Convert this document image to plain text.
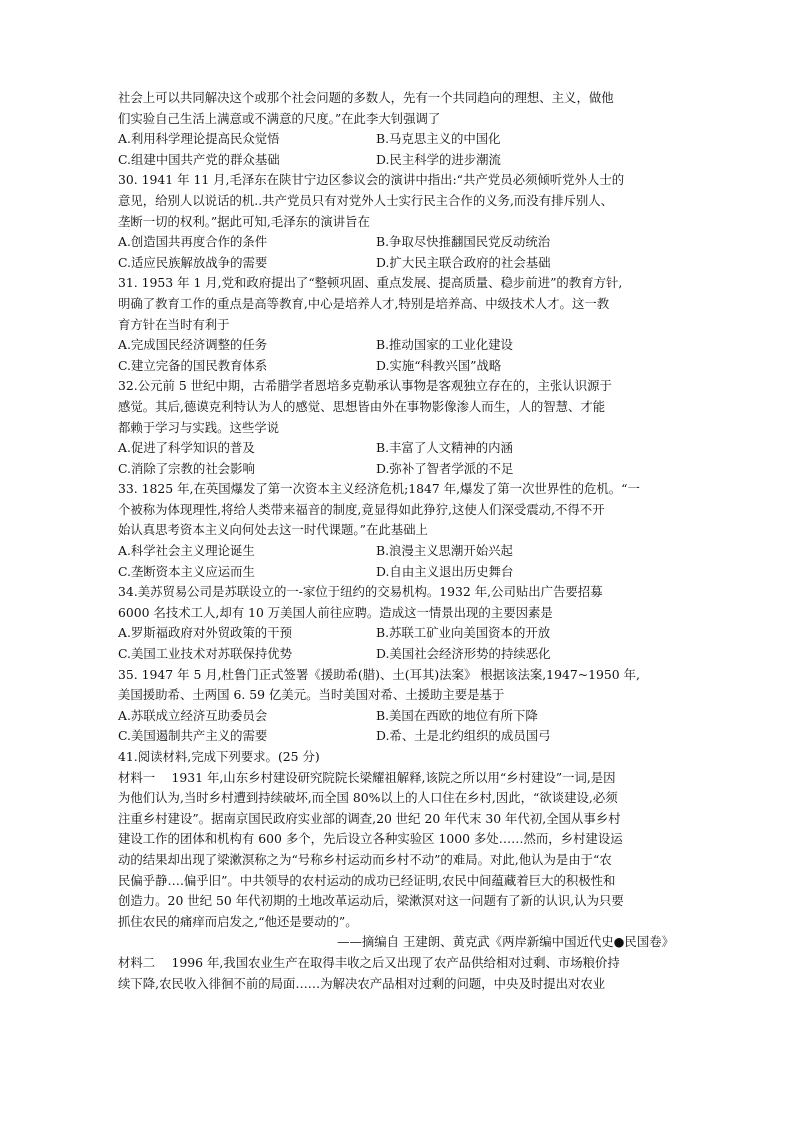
社会上可以共同解决这个或那个社会问题的多数人，先有一个共同趋向的理想、主义，做他
们实验自己生活上满意或不满意的尺度。”在此李大钊强调了
A.利用科学理论提高民众觉悟	B.马克思主义的中国化
C.组建中国共产党的群众基础	D.民主科学的进步潮流
30. 1941 年 11 月,毛泽东在陕甘宁边区参议会的演讲中指出:“共产党员必须倾听党外人士的
意见，给别人以说话的机..共产党员只有对党外人士实行民主合作的义务,而没有排斥别人、
垄断一切的权利。”据此可知,毛泽东的演讲旨在
A.创造国共再度合作的条件	B.争取尽快推翻国民党反动统治
C.适应民族解放战争的需要	D.扩大民主联合政府的社会基础
31. 1953 年 1 月,党和政府提出了“整顿巩固、重点发展、提高质量、稳步前进”的教育方针,
明确了教育工作的重点是高等教育,中心是培养人才,特别是培养高、中级技术人才。这一教
育方针在当时有利于
A.完成国民经济调整的任务	B.推动国家的工业化建设
C.建立完备的国民教育体系	D.实施“科教兴国”战略
32.公元前 5 世纪中期，古希腊学者恩培多克勒承认事物是客观独立存在的，主张认识源于
感觉。其后,德谟克利特认为人的感觉、思想皆由外在事物影像渗人而生，人的智慧、才能
都赖于学习与实践。这些学说
A.促进了科学知识的普及	B.丰富了人文精神的内涵
C.消除了宗教的社会影响	D.弥补了智者学派的不足
33. 1825 年,在英国爆发了第一次资本主义经济危机;1847 年,爆发了第一次世界性的危机。“一
个被称为体现理性,将给人类带来福音的制度,竟显得如此狰狞,这使人们深受震动,不得不开
始认真思考资本主义向何处去这一时代课题。”在此基础上
A.科学社会主义理论诞生	B.浪漫主义思潮开始兴起
C.垄断资本主义应运而生	D.自由主义退出历史舞台
34.美苏贸易公司是苏联设立的一-家位于纽约的交易机构。1932 年,公司贴出广告要招募
6000 名技术工人,却有 10 万美国人前往应聘。造成这一情景出现的主要因素是
A.罗斯福政府对外贸政策的干预	B.苏联工矿业向美国资本的开放
C.美国工业技术对苏联保持优势	D.美国社会经济形势的持续恶化
35. 1947 年 5 月,杜鲁门正式签署《援助希(腊)、土(耳其)法案》 根据该法案,1947~1950 年,
美国援助希、土两国 6. 59 亿美元。当时美国对希、土援助主要是基于
A.苏联成立经济互助委员会	B.美国在西欧的地位有所下降
C.美国遏制共产主义的需要	D.希、土是北约组织的成员国弓
41.阅读材料,完成下列要求。(25 分)
材料一　 1931 年,山东乡村建设研究院院长梁耀祖解释,该院之所以用“乡村建设”一词,是因
为他们认为,当时乡村遭到持续破坏,而全国 80%以上的人口住在乡村,因此，“欲谈建设,必须
注重乡村建设”。据南京国民政府实业部的调查,20 世纪 20 年代末 30 年代初,全国从事乡村
建设工作的团体和机构有 600 多个，先后设立各种实验区 1000 多处……然而，乡村建设运
动的结果却出现了梁漱溟称之为“号称乡村运动而乡村不动”的难局。对此,他认为是由于“农
民偏乎静….偏乎旧”。中共领导的农村运动的成功已经证明,农民中间蕴藏着巨大的积极性和
创造力。20 世纪 50 年代初期的土地改革运动后，梁漱溟对这一问题有了新的认识,认为只要
抓住农民的痛痒而启发之,“他还是要动的”。
——摘编自 王建朗、黄克武《两岸新编中国近代史●民国卷》
材料二　 1996 年,我国农业生产在取得丰收之后又出现了农产品供给相对过剩、市场粮价持
续下降,农民收入徘徊不前的局面……为解决农产品相对过剩的问题，中央及时提出对农业
